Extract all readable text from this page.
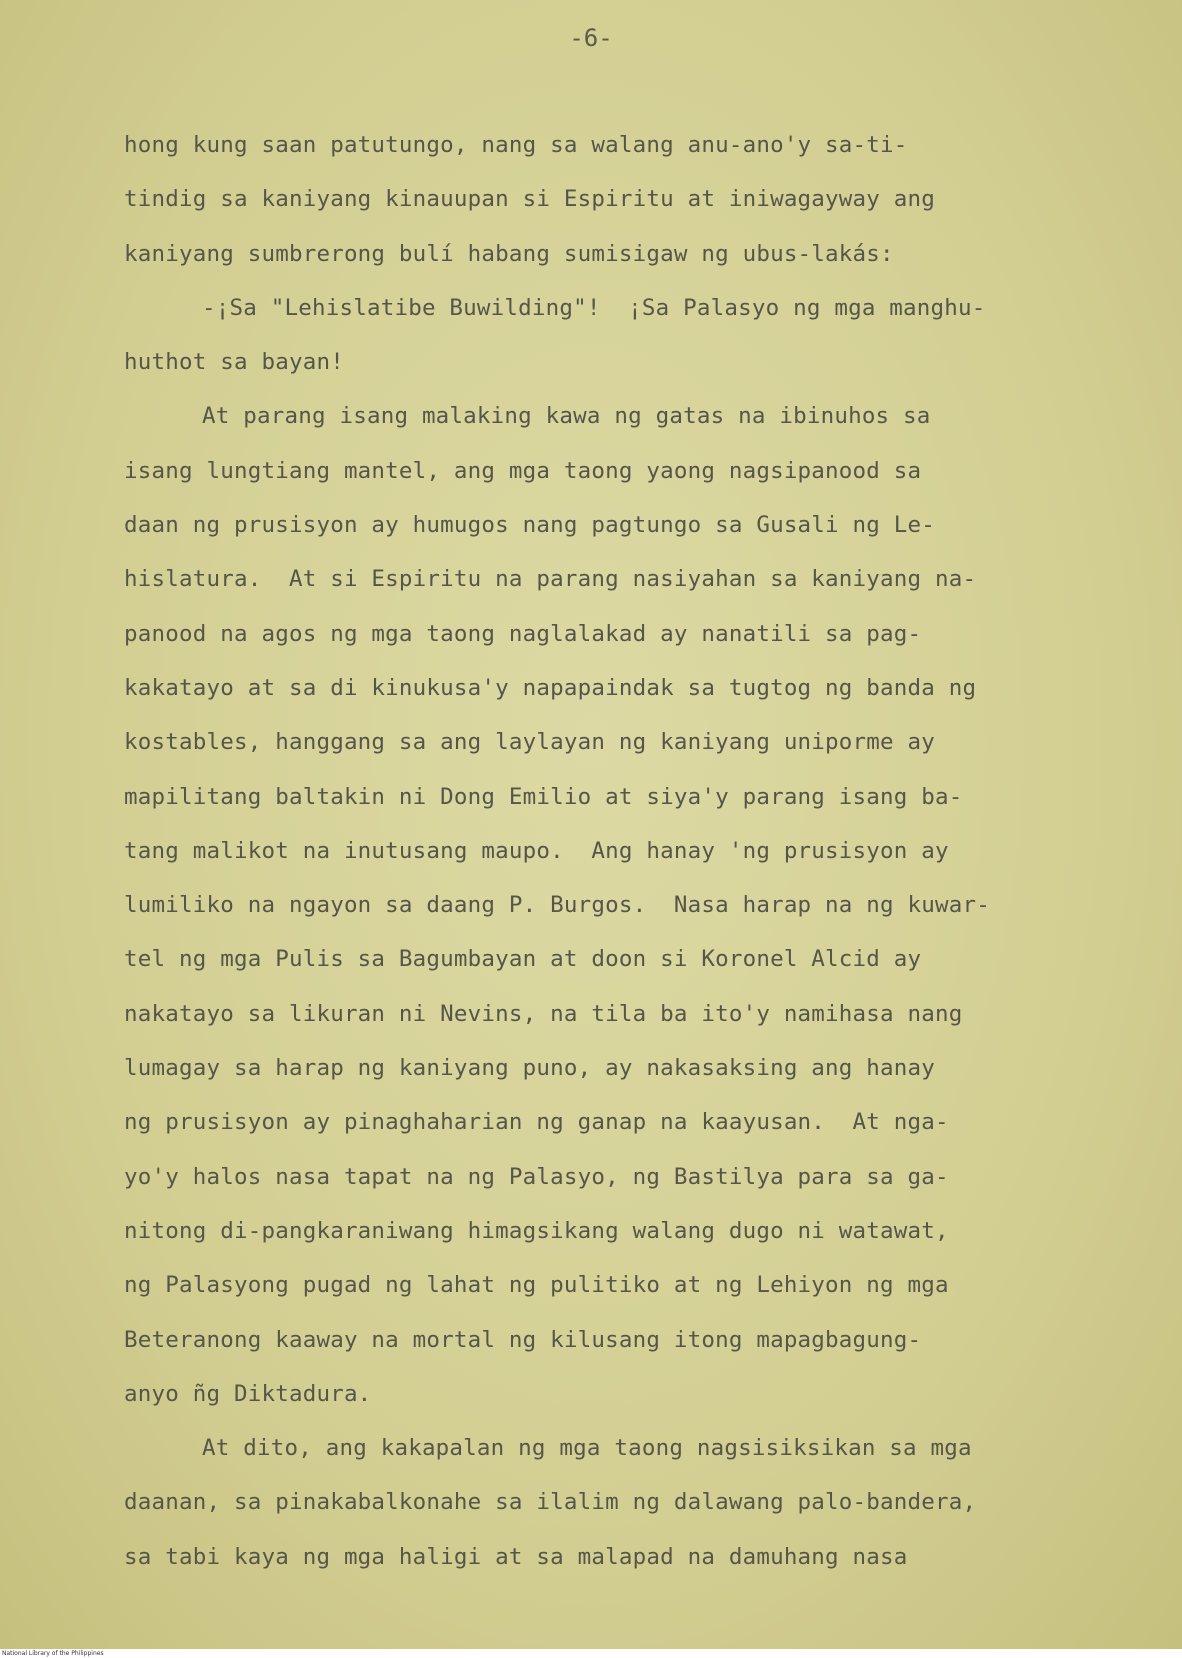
-6-
hong kung saan patutungo, nang sa walang anu-ano'y sa-ti-
tindig sa kaniyang kinauupan si Espiritu at iniwagayway ang
kaniyang sumbrerong bulí habang sumisigaw ng ubus-lakás:
-¡Sa "Lehislatibe Buwilding"!  ¡Sa Palasyo ng mga manghu-
huthot sa bayan!
At parang isang malaking kawa ng gatas na ibinuhos sa
isang lungtiang mantel, ang mga taong yaong nagsipanood sa
daan ng prusisyon ay humugos nang pagtungo sa Gusali ng Le-
hislatura.  At si Espiritu na parang nasiyahan sa kaniyang na-
panood na agos ng mga taong naglalakad ay nanatili sa pag-
kakatayo at sa di kinukusa'y napapaindak sa tugtog ng banda ng
kostables, hanggang sa ang laylayan ng kaniyang uniporme ay
mapilitang baltakin ni Dong Emilio at siya'y parang isang ba-
tang malikot na inutusang maupo.  Ang hanay 'ng prusisyon ay
lumiliko na ngayon sa daang P. Burgos.  Nasa harap na ng kuwar-
tel ng mga Pulis sa Bagumbayan at doon si Koronel Alcid ay
nakatayo sa likuran ni Nevins, na tila ba ito'y namihasa nang
lumagay sa harap ng kaniyang puno, ay nakasaksing ang hanay
ng prusisyon ay pinaghaharian ng ganap na kaayusan.  At nga-
yo'y halos nasa tapat na ng Palasyo, ng Bastilya para sa ga-
nitong di-pangkaraniwang himagsikang walang dugo ni watawat,
ng Palasyong pugad ng lahat ng pulitiko at ng Lehiyon ng mga
Beteranong kaaway na mortal ng kilusang itong mapagbagung-
anyo ñg Diktadura.
At dito, ang kakapalan ng mga taong nagsisiksikan sa mga
daanan, sa pinakabalkonahe sa ilalim ng dalawang palo-bandera,
sa tabi kaya ng mga haligi at sa malapad na damuhang nasa
National Library of the Philippines
